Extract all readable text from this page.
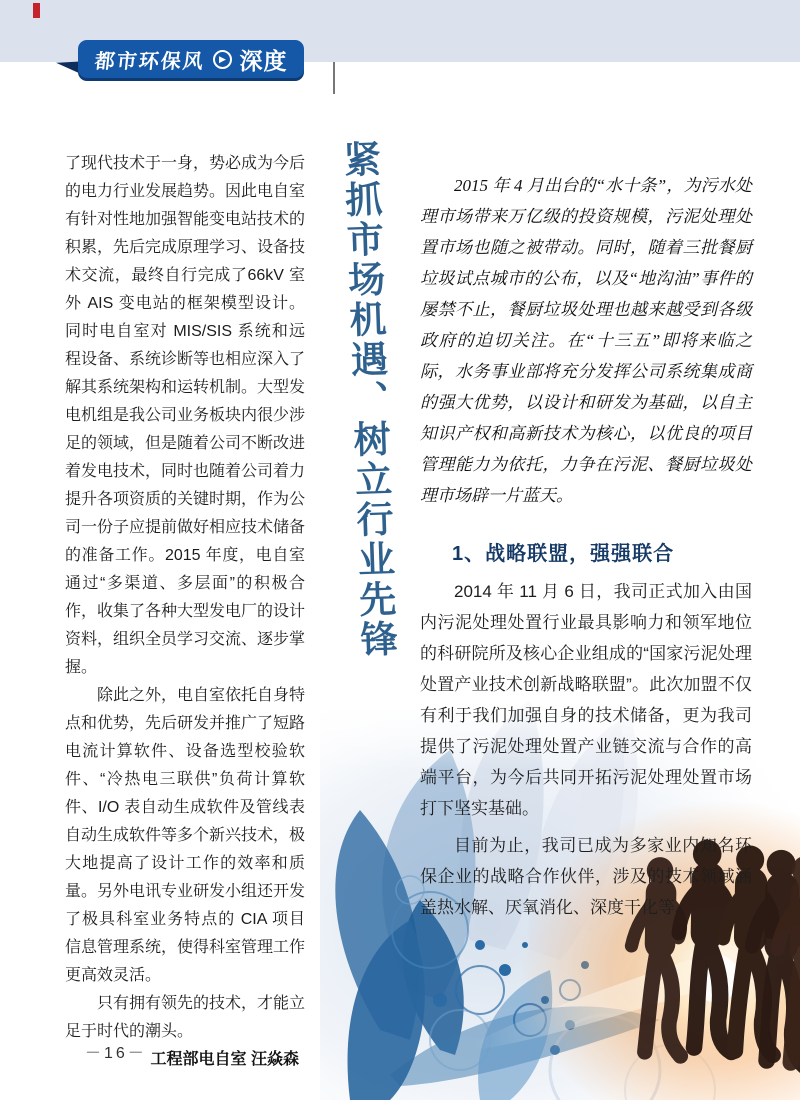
都市环保风	▶ 深度

了现代技术于一身，势必成为今后的电力行业发展趋势。因此电自室有针对性地加强智能变电站技术的积累，先后完成原理学习、设备技术交流，最终自行完成了66kV 室外 AIS 变电站的框架模型设计。同时电自室对 MIS/SIS 系统和远程设备、系统诊断等也相应深入了解其系统架构和运转机制。大型发电机组是我公司业务板块内很少涉足的领域，但是随着公司不断改进着发电技术，同时也随着公司着力提升各项资质的关键时期，作为公司一份子应提前做好相应技术储备的准备工作。2015 年度，电自室通过“多渠道、多层面”的积极合作，收集了各种大型发电厂的设计资料，组织全员学习交流、逐步掌握。

除此之外，电自室依托自身特点和优势，先后研发并推广了短路电流计算软件、设备选型校验软件、“冷热电三联供”负荷计算软件、I/O 表自动生成软件及管线表自动生成软件等多个新兴技术，极大地提高了设计工作的效率和质量。另外电讯专业研发小组还开发了极具科室业务特点的 CIA 项目信息管理系统，使得科室管理工作更高效灵活。

只有拥有领先的技术，才能立足于时代的潮头。

工程部电自室 汪焱森

紧抓市场机遇、树立行业先锋	2015 年 4 月出台的“水十条”，为污水处理市场带来万亿级的投资规模，污泥处理处置市场也随之被带动。同时，随着三批餐厨垃圾试点城市的公布，以及“地沟油”事件的屡禁不止，餐厨垃圾处理也越来越受到各级政府的迫切关注。在“十三五”即将来临之际，水务事业部将充分发挥公司系统集成商的强大优势，以设计和研发为基础，以自主知识产权和高新技术为核心，以优良的项目管理能力为依托，力争在污泥、餐厨垃圾处理市场辟一片蓝天。

1、战略联盟，强强联合

2014 年 11 月 6 日，我司正式加入由国内污泥处理处置行业最具影响力和领军地位的科研院所及核心企业组成的“国家污泥处理处置产业技术创新战略联盟”。此次加盟不仅有利于我们加强自身的技术储备，更为我司提供了污泥处理处置产业链交流与合作的高端平台，为今后共同开拓污泥处理处置市场打下坚实基础。

目前为止，我司已成为多家业内知名环保企业的战略合作伙伴，涉及的技术领域涵盖热水解、厌氧消化、深度干化等。

－16－
